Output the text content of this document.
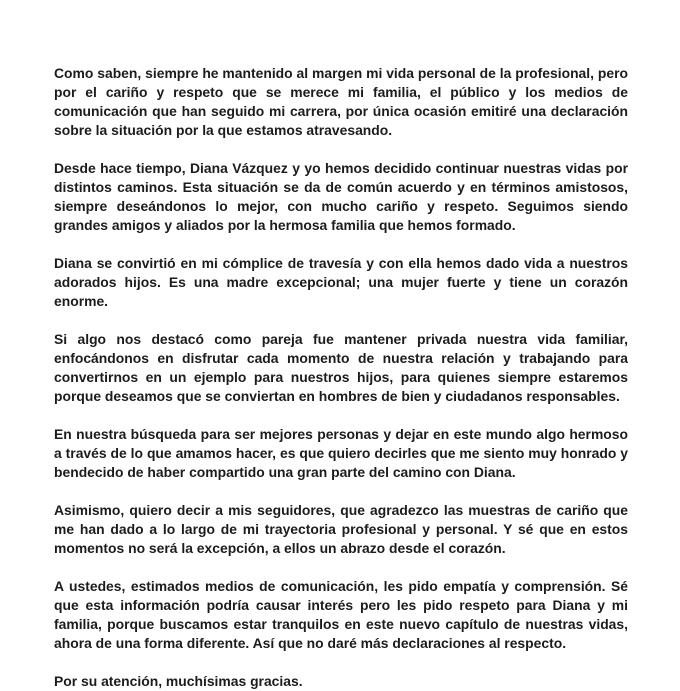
Como saben, siempre he mantenido al margen mi vida personal de la profesional, pero por el cariño y respeto que se merece mi familia, el público y los medios de comunicación que han seguido mi carrera, por única ocasión emitiré una declaración sobre la situación por la que estamos atravesando.

Desde hace tiempo, Diana Vázquez y yo hemos decidido continuar nuestras vidas por distintos caminos. Esta situación se da de común acuerdo y en términos amistosos, siempre deseándonos lo mejor, con mucho cariño y respeto. Seguimos siendo grandes amigos y aliados por la hermosa familia que hemos formado.

Diana se convirtió en mi cómplice de travesía y con ella hemos dado vida a nuestros adorados hijos. Es una madre excepcional; una mujer fuerte y tiene un corazón enorme.

Si algo nos destacó como pareja fue mantener privada nuestra vida familiar, enfocándonos en disfrutar cada momento de nuestra relación y trabajando para convertirnos en un ejemplo para nuestros hijos, para quienes siempre estaremos porque deseamos que se conviertan en hombres de bien y ciudadanos responsables.

En nuestra búsqueda para ser mejores personas y dejar en este mundo algo hermoso a través de lo que amamos hacer, es que quiero decirles que me siento muy honrado y bendecido de haber compartido una gran parte del camino con Diana.

Asimismo, quiero decir a mis seguidores, que agradezco las muestras de cariño que me han dado a lo largo de mi trayectoria profesional y personal. Y sé que en estos momentos no será la excepción, a ellos un abrazo desde el corazón.

A ustedes, estimados medios de comunicación, les pido empatía y comprensión. Sé que esta información podría causar interés pero les pido respeto para Diana y mi familia, porque buscamos estar tranquilos en este nuevo capítulo de nuestras vidas, ahora de una forma diferente. Así que no daré más declaraciones al respecto.

Por su atención, muchísimas gracias.
